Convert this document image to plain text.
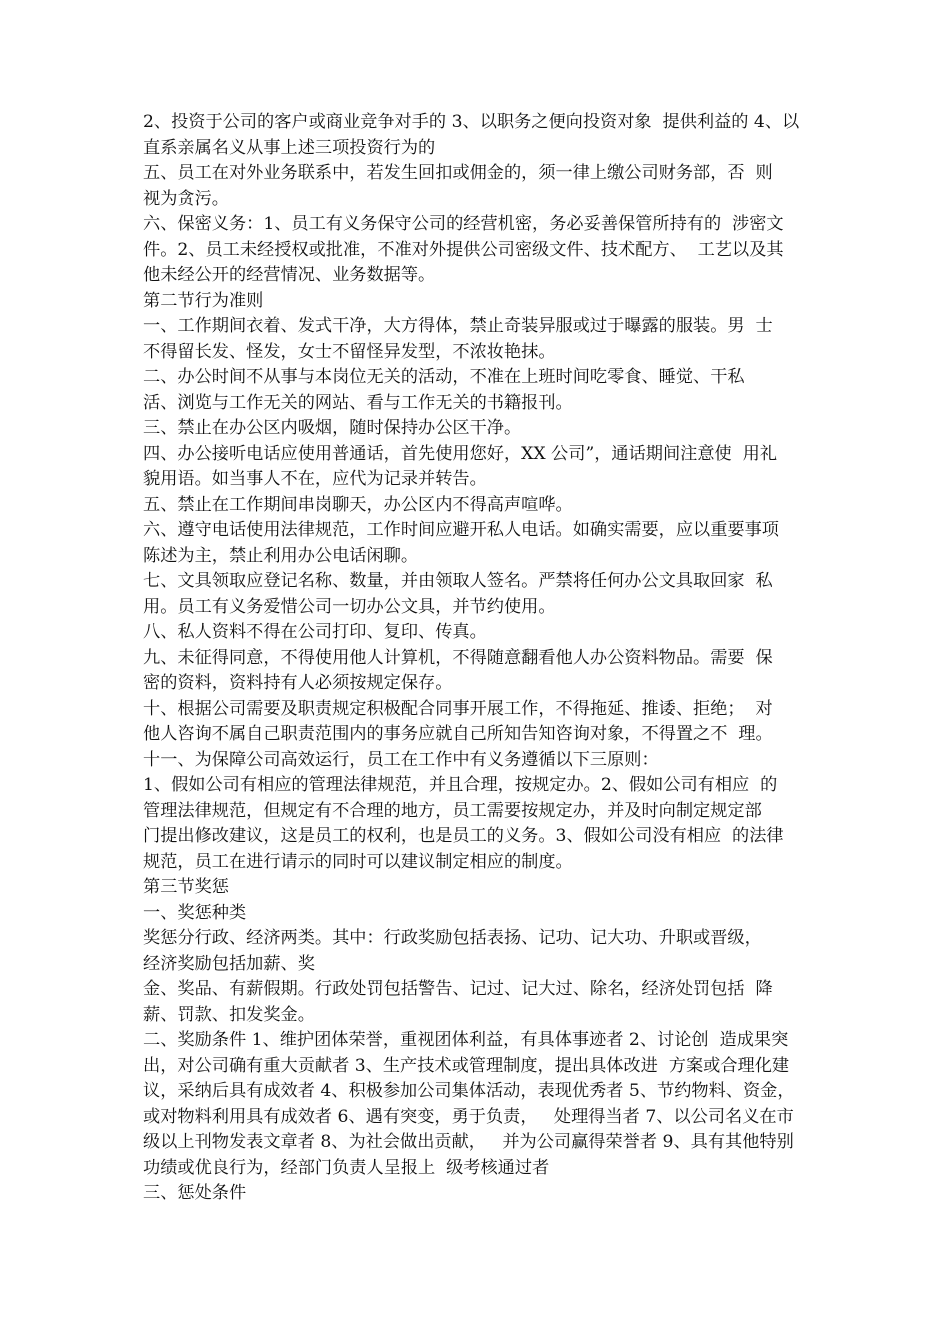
2、投资于公司的客户或商业竞争对手的 3、以职务之便向投资对象  提供利益的 4、以

直系亲属名义从事上述三项投资行为的

五、员工在对外业务联系中，若发生回扣或佣金的，须一律上缴公司财务部，否  则

视为贪污。

六、保密义务：1、员工有义务保守公司的经营机密，务必妥善保管所持有的  涉密文

件。2、员工未经授权或批准，不准对外提供公司密级文件、技术配方、  工艺以及其

他未经公开的经营情况、业务数据等。

第二节行为准则

一、工作期间衣着、发式干净，大方得体，禁止奇装异服或过于曝露的服装。男  士

不得留长发、怪发，女士不留怪异发型，不浓妆艳抹。

二、办公时间不从事与本岗位无关的活动，不准在上班时间吃零食、睡觉、干私

活、浏览与工作无关的网站、看与工作无关的书籍报刊。

三、禁止在办公区内吸烟，随时保持办公区干净。

四、办公接听电话应使用普通话，首先使用您好，XX 公司”，通话期间注意使  用礼

貌用语。如当事人不在，应代为记录并转告。

五、禁止在工作期间串岗聊天，办公区内不得高声喧哗。

六、遵守电话使用法律规范，工作时间应避开私人电话。如确实需要，应以重要事项

陈述为主，禁止利用办公电话闲聊。

七、文具领取应登记名称、数量，并由领取人签名。严禁将任何办公文具取回家  私

用。员工有义务爱惜公司一切办公文具，并节约使用。

八、私人资料不得在公司打印、复印、传真。

九、未征得同意，不得使用他人计算机，不得随意翻看他人办公资料物品。需要  保

密的资料，资料持有人必须按规定保存。

十、根据公司需要及职责规定积极配合同事开展工作，不得拖延、推诿、拒绝；  对

他人咨询不属自己职责范围内的事务应就自己所知告知咨询对象，不得置之不  理。

十一、为保障公司高效运行，员工在工作中有义务遵循以下三原则：

1、假如公司有相应的管理法律规范，并且合理，按规定办。2、假如公司有相应  的

管理法律规范，但规定有不合理的地方，员工需要按规定办，并及时向制定规定部

门提出修改建议，这是员工的权利，也是员工的义务。3、假如公司没有相应  的法律

规范，员工在进行请示的同时可以建议制定相应的制度。

第三节奖惩

一、奖惩种类

奖惩分行政、经济两类。其中：行政奖励包括表扬、记功、记大功、升职或晋级，

经济奖励包括加薪、奖

金、奖品、有薪假期。行政处罚包括警告、记过、记大过、除名，经济处罚包括  降

薪、罚款、扣发奖金。

二、奖励条件 1、维护团体荣誉，重视团体利益，有具体事迹者 2、讨论创  造成果突

出，对公司确有重大贡献者 3、生产技术或管理制度，提出具体改进  方案或合理化建

议，采纳后具有成效者 4、积极参加公司集体活动，表现优秀者 5、节约物料、资金，

或对物料利用具有成效者 6、遇有突变，勇于负责，   处理得当者 7、以公司名义在市

级以上刊物发表文章者 8、为社会做出贡献，   并为公司赢得荣誉者 9、具有其他特别

功绩或优良行为，经部门负责人呈报上  级考核通过者

三、惩处条件
